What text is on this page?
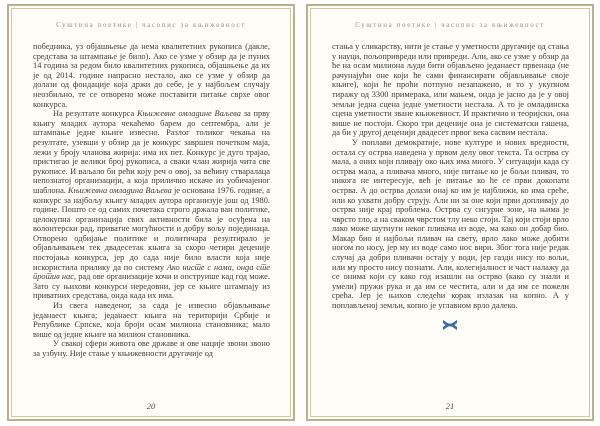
Суштина поетике | часопис за књижевност

победника, уз објашњење да нема квалитетних рукописа (дакле, средстава за штампање је било). Ако се узме у обзир да је пуних 14 година за редом било квалитетних рукописа, објашњење да их је од 2014. године напрасно нестало, ако се узме у обзир да долази од фондације која држи до себе, је у најбољем случају неозбиљно, те се отворено може поставити питање сврхе овог конкурса.

На резултате конкурса Књижевне омладине Ваљева за прву књигу младих аутора чекаћемо барем до септембра, али је штампање једне књиге извесно. Разлог толиког чекања на резултате, узевши у обзир да је конкурс завршен почетком маја, лежи у броју чланова жирија: има их пет. Конкурс је дуго трајао, пристигао је велики број рукописа, а сваки члан жирија чита све рукописе. И ваљало би рећи коју реч о овој, за већину стваралаца непознатој организацији, а која прилично искаче из уобичајеног шаблона. Књижевна омладина Ваљева је основана 1976. године, а конкурс за најбољу књигу младих аутора организује још од 1980. године. Пошто се од самих почетака строго држала ван политике, целокупна организација свих активности била је осуђена на волонтерски рад, приватне могућности и добру вољу појединаца. Отворено одбијање политике и политичара резултирало је објављивањем тек двадесетак књига за скоро четири деценије постојања конкурса, јер до сада није било власти која није искористила прилику да по систему Ако нисте с нама, онда сте против нас, рад ове организације кочи и опструише кад год може. Зато су њихови конкурси нередовни, јер се књиге штампају из приватних средстава, онда када их има.

Из свега наведеног, за сада је извесно објављивање једанаест књига; једанаест књига на територији Србије и Републике Српске, која броји осам милиона становника; мало више од једне књиге на милион становника.

У свакој сфери живота ове државе и ове нације звони звоно за узбуну. Није стање у књижевности другачије од

20
Суштина поетике | часопис за књижевност

стања у сликарству, нити је стање у уметности другачије од стања у науци, пољопривреди или привреди. Али, ако се узме у обзир да ће на осам милиона људи бити објављено једанаест првенаца (не рачунајући оне који ће сами финансирати објављивање своје књиге), који ће проћи потпуно незапажено, и то у укупном тиражу од 3300 примерака, или мањем, онда је јасно да је у овој земљи једна сцена једне уметности нестала. А то је омладинска сцена уметности зване књижевност. И практично и теоријски, она више не постоји. Скоро три деценије она је систематски гашена, да би у другој деценији двадесет првог века сасвим нестала.

У поплави демократије, нове културе и нових вредности, остала су острва наведена у првом делу овог текста. Та острва су мала, а оних који пливају око њих има много. У ситуацији када су острва мала, а пливача много, није питање ко је бољи пливач, то никога не интересује, већ је питање ко ће се први докопати острва. А до острва долази онај ко им је најближи, ко има среће, или ко ухвати добру струју. Али ни за оне који први допливају до острва није крај проблема. Острва су сигурне зоне, на њима је чврсто тло, а на сваком чврстом тлу неко стоји. Тај који стоји врло лако може шутнути неког пливача из воде, ма како он добар био. Макар био и најбољи пливач на свету, врло лако може добити ногом по носу, јер му из воде само нос вири. Због тога није редак случај да добри пливачи остају у води, јер газди нису по вољи, или му просто нису познати. Али, колегијалност и част налажу да се онима који су како год изашли на острво (како су знали и умели) пружи рука и да им се честита, али и да им се пожели срећа. Јер је њихов следећи корак излазак на копно. А у поплављеној земљи, копно је углавном врло далеко.

21
